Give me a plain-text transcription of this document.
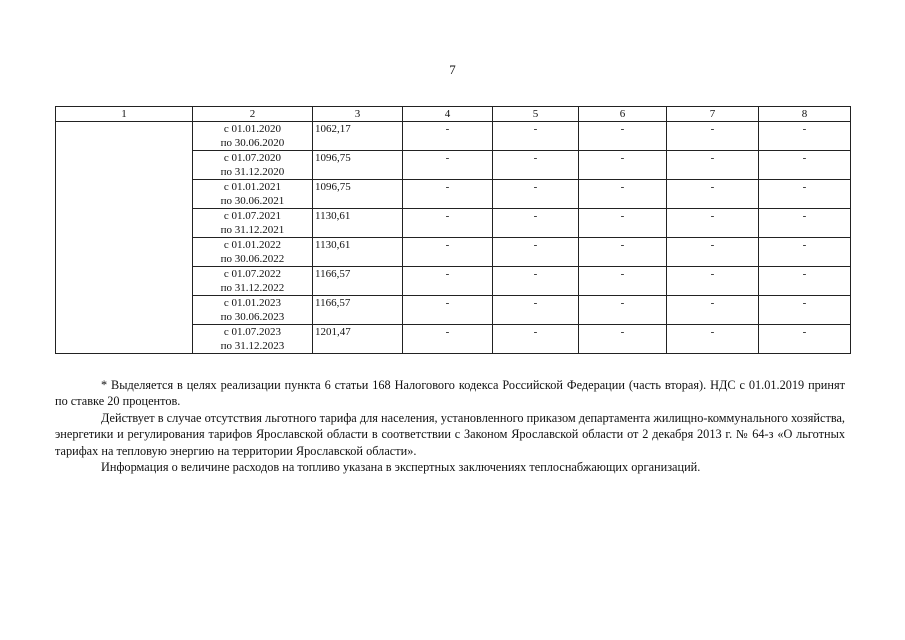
7
1	2	3	4	5	6	7	8

	с 01.01.2020
по 30.06.2020	1062,17	-	-	-	-	-

	с 01.07.2020
по 31.12.2020	1096,75	-	-	-	-	-

	с 01.01.2021
по 30.06.2021	1096,75	-	-	-	-	-

	с 01.07.2021
по 31.12.2021	1130,61	-	-	-	-	-

	с 01.01.2022
по 30.06.2022	1130,61	-	-	-	-	-

	с 01.07.2022
по 31.12.2022	1166,57	-	-	-	-	-

	с 01.01.2023
по 30.06.2023	1166,57	-	-	-	-	-

	с 01.07.2023
по 31.12.2023	1201,47	-	-	-	-	-

* Выделяется в целях реализации пункта 6 статьи 168 Налогового кодекса Российской Федерации (часть вторая). НДС с 01.01.2019 принят по ставке 20 процентов.

Действует в случае отсутствия льготного тарифа для населения, установленного приказом департамента жилищно-коммунального хозяйства, энергетики и регулирования тарифов Ярославской области в соответствии с Законом Ярославской области от 2 декабря 2013 г. № 64-з «О льготных тарифах на тепловую энергию на территории Ярославской области».

Информация о величине расходов на топливо указана в экспертных заключениях теплоснабжающих организаций.
